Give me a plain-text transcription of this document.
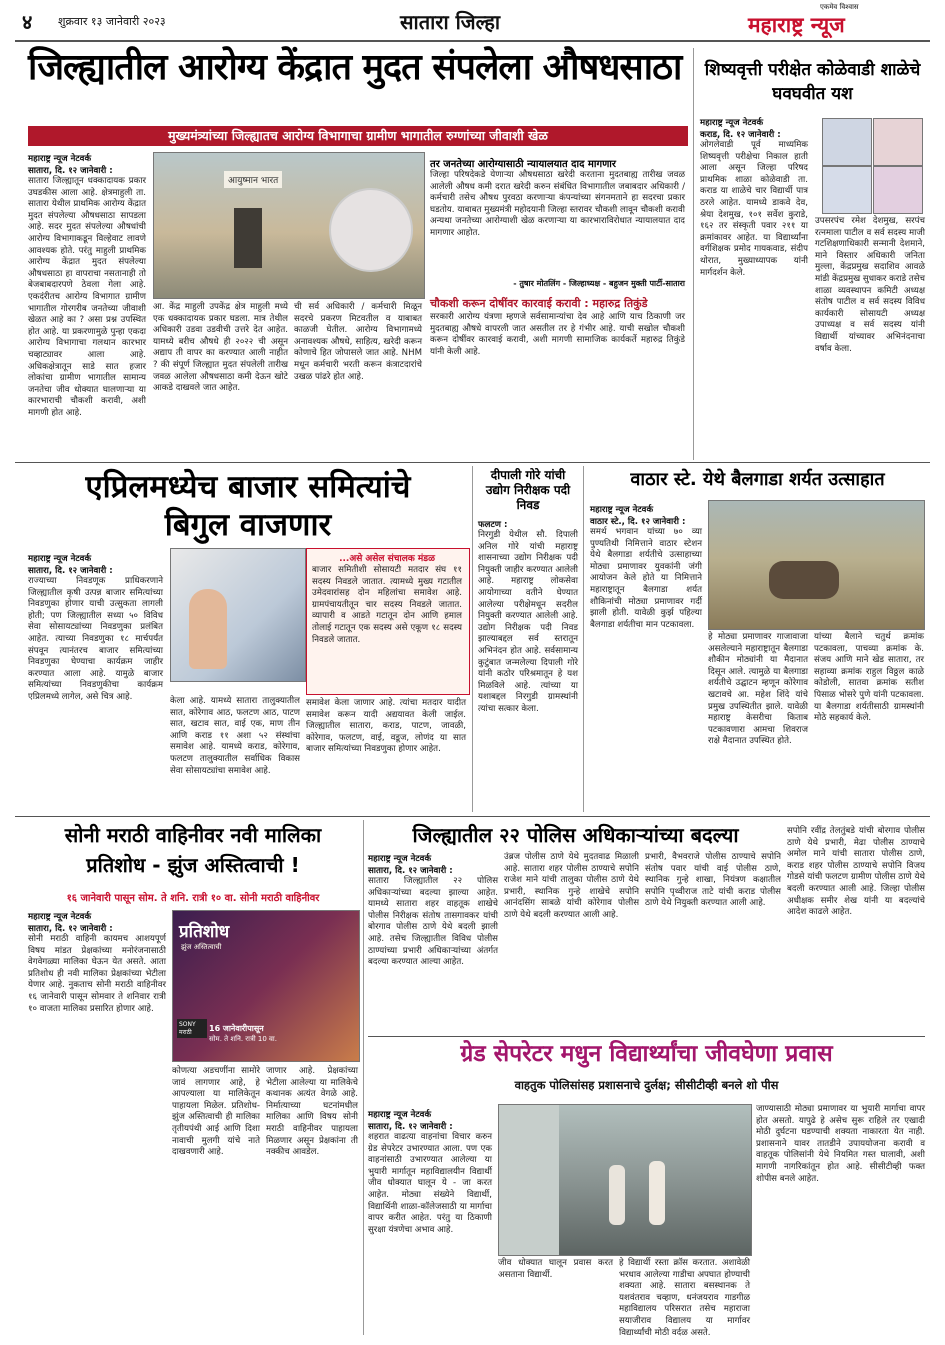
४ शुक्रवार १३ जानेवारी २०२३	सातारा जिल्हा
एकमेव विश्वास
महाराष्ट्र न्यूज
जिल्ह्यातील आरोग्य केंद्रात मुदत संपलेला औषधसाठा
मुख्यमंत्र्यांच्या जिल्ह्यातच आरोग्य विभागाचा ग्रामीण भागातील रुग्णांच्या जीवाशी खेळ
महाराष्ट्र न्यूज नेटवर्क
सातारा, दि. १२ जानेवारी :
सातारा जिल्ह्यातून धक्कादायक प्रकार उघडकीस आला आहे. क्षेत्रमाहुली ता. सातारा येथील प्राथमिक आरोग्य केंद्रात मुदत संपलेल्या औषधसाठा सापडला आहे. सदर मुदत संपलेल्या औषधांची आरोग्य विभागाकडून विल्हेवाट लावणे आवश्यक होते. परंतु माहुली प्राथमिक आरोग्य केंद्रात मुदत संपलेल्या औषधसाठा हा वापराचा नसतानाही तो बेजबाबदारपणे ठेवला गेला आहे. एकदंरीतच आरोग्य विभागात ग्रामीण भागातील गोरगरीब जनतेच्या जीवाशी खेळत आहे का ? असा प्रश्न उपस्थित होत आहे. या प्रकरणामुळे पुन्हा एकदा आरोग्य विभागाचा गलथान कारभार चव्हाट्यावर आला आहे. अधिकक्षेत्रातून साडे सात हजार लोकांचा ग्रामीण भागातील सामान्य जनतेचा जीव धोक्यात घालणाऱ्या या कारभाराची चौकशी करावी, अशी मागणी होत आहे.
आयुष्मान भारत
आ. केंद्र माहुली उपकेंद्र क्षेत्र माहुली मध्ये एक धक्कादायक प्रकार घडला. मात्र तेथील अधिकारी उडवा उडवीची उत्तरे देत आहेत. यामध्ये बरीच औषधे ही २०२२ ची असून अद्याप ती वापर का करण्यात आली नाहीत ? की संपूर्ण जिल्ह्यात मुदत संपलेली तारीख जवळ आलेला औषधसाठा कमी देऊन खोटे आकडे दाखवले जात आहेत.
ची सर्व अधिकारी / कर्मचारी मिळून सदरचे प्रकरण मिटवतील व याबाबत काळजी घेतील. आरोग्य विभागामध्ये अनावश्यक औषधे, साहित्य, खरेदी करून कोणाचे हित जोपासले जात आहे. NHM मधून कर्मचारी भरती करून कंत्राटदारांचे उखळ पांढरे होत आहे.
तर जनतेच्या आरोग्यासाठी न्यायालयात दाद मागणार
जिल्हा परिषदेकडे येणाऱ्या औषधसाठा खरेदी करताना मुदतबाह्य तारीख जवळ आलेली औषध कमी दरात खरेदी करुन संबंधित विभागातील जबाबदार अधिकारी / कर्मचारी तसेच औषध पुरवठा करणाऱ्या कंपन्यांच्या संगनमताने हा सदरचा प्रकार घडतोय. याबाबत मुख्यमंत्री महोदयानी जिल्हा स्तरावर चौकशी लावून चौकशी करावी अन्यथा जनतेच्या आरोग्याशी खेळ करणाऱ्या या कारभाराविरोधात न्यायालयात दाद मागणार आहोत.
- तुषार मोतलिंग - जिल्हाध्यक्ष - बहुजन मुक्ती पार्टी-सातारा
चौकशी करून दोषींवर कारवाई करावी : महारुद्र तिकुंडे
सरकारी आरोग्य यंत्रणा म्हणजे सर्वसामान्यांचा देव आहे आणि याच ठिकाणी जर मुदतबाह्य औषधे वापरली जात असतील तर हे गंभीर आहे. याची सखोल चौकशी करून दोषींवर कारवाई करावी, अशी मागणी सामाजिक कार्यकर्ते महारुद्र तिकुंडे यांनी केली आहे.
शिष्यवृत्ती परीक्षेत कोळेवाडी शाळेचे घवघवीत यश
महाराष्ट्र न्यूज नेटवर्क
कराड, दि. १२ जानेवारी :
ओगलेवाडी पूर्व माध्यमिक शिष्यवृत्ती परीक्षेचा निकाल हाती आला असून जिल्हा परिषद प्राथमिक शाळा कोळेवाडी ता. कराड या शाळेचे चार विद्यार्थी पात्र ठरले आहेत. यामध्ये डाकवे देव, श्रेया देशमुख, १०१ सर्वेश कुराडे, १६२ तर संस्कृती पवार २११ या क्रमांकावर आहेत. या विद्यार्थ्यांना वर्गशिक्षक प्रमोद गायकवाड, संदीप थोरात, मुख्याध्यापक यांनी मार्गदर्शन केले.
उपसरपंच रमेश देशमुख, सरपंच रत्नमाला पाटील व सर्व सदस्य माजी गटशिक्षणाधिकारी सन्मानी देशमाने, माने विस्तार अधिकारी जनिता मुल्ला, केंद्रप्रमुख सदाशिव आवळे मांडी केंद्रप्रमुख सुधाकर कराडे तसेच शाळा व्यवस्थापन कमिटी अध्यक्ष संतोष पाटील व सर्व सदस्य विविध कार्यकारी सोसायटी अध्यक्ष उपाध्यक्ष व सर्व सदस्य यांनी विद्यार्थी यांच्यावर अभिनंदनाचा वर्षाव केला.
एप्रिलमध्येच बाजार समित्यांचे
बिगुल वाजणार
महाराष्ट्र न्यूज नेटवर्क
सातारा, दि. १२ जानेवारी :
राज्याच्या निवडणूक प्राधिकरणाने जिल्ह्यातील कृषी उत्पन्न बाजार समित्यांच्या निवडणुका होणार याची उत्सुकता लागली होती; पण जिल्ह्यातील सध्या ५० विविध सेवा सोसायट्यांच्या निवडणुका प्रलंबित आहेत. त्याच्या निवडणुका १८ मार्चपर्यंत संपवून त्यानंतरच बाजार समित्यांच्या निवडणुका घेण्याचा कार्यक्रम जाहीर करण्यात आला आहे. यामुळे बाजार समित्यांच्या निवडणुकीचा कार्यक्रम एप्रिलमध्ये लागेल, असे चित्र आहे.
...असे असेल संचालक मंडळ
बाजार समितीशी सोसायटी मतदार संघ ११ सदस्य निवडले जातात. त्यामध्ये मुख्य गटातील उमेदवारांसह दोन महिलांचा समावेश आहे. ग्रामपंचायतीतून चार सदस्य निवडले जातात. व्यापारी व आडते गटातून दोन आणि हमाल तोलाई गटातून एक सदस्य असे एकूण १८ सदस्य निवडले जातात.
केला आहे. यामध्ये सातारा तालुक्यातील सात, कोरेगाव आठ, फलटण आठ, पाटण सात, खटाव सात, वाई एक, माण तीन आणि कराड ११ अशा ५२ संस्थांचा समावेश आहे. यामध्ये कराड, कोरेगाव, फलटण तालुक्यातील सर्वाधिक विकास सेवा सोसायट्यांचा समावेश आहे.
समावेश केला जाणार आहे. त्यांचा मतदार यादीत समावेश करून यादी अद्ययावत केली जाईल. जिल्ह्यातील सातारा, कराड, पाटण, जावळी, कोरेगाव, फलटण, वाई, वडूज, लोणंद या सात बाजार समित्यांच्या निवडणुका होणार आहेत.
दीपाली गोरे यांची उद्योग निरीक्षक पदी निवड
फलटण :
निरगुडी येथील सौ. दिपाली अनिल गोरे यांची महाराष्ट्र शासनाच्या उद्योग निरीक्षक पदी नियुक्ती जाहीर करण्यात आलेली आहे. महाराष्ट्र लोकसेवा आयोगाच्या वतीने घेण्यात आलेल्या परीक्षेमधून सदरील नियुक्ती करण्यात आलेली आहे. उद्योग निरीक्षक पदी निवड झाल्याबद्दल सर्व स्तरातून अभिनंदन होत आहे. सर्वसामान्य कुटुंबात जन्मलेल्या दिपाली गोरे यांनी कठोर परिश्रमातून हे यश मिळविले आहे. त्यांच्या या यशाबद्दल निरगुडी ग्रामस्थांनी त्यांचा सत्कार केला.
वाठार स्टे. येथे बैलगाडा शर्यत उत्साहात
महाराष्ट्र न्यूज नेटवर्क
वाठार स्टे., दि. १२ जानेवारी :
समर्थ भगवान यांच्या ७० व्या पुण्यतिथी निमित्ताने वाठार स्टेशन येथे बैलगाडा शर्यतीचे उत्साहाच्या मोठ्या प्रमाणावर युवकांनी जंगी आयोजन केले होते या निमित्ताने महाराष्ट्रातून बैलगाडा शर्यत शौकिनांची मोठ्या प्रमाणावर गर्दी झाली होती. यावेळी कुर्झ पहिल्या बैलगाडा शर्यतीचा मान पटकावला.
हे मोठ्या प्रमाणावर गाजावाजा असलेल्याने महाराष्ट्रातून बैलगाडा शौकीन मोठ्यांनी या मैदानात दिसून आले. त्यामुळे या बैलगाडा शर्यतीचे उद्घाटन म्हणून कोरेगाव खटावचे आ. महेश शिंदे यांचे प्रमुख उपस्थितीत झाले. यावेळी महाराष्ट्र केसरीचा किताब पटकावणारा आमचा शिवराज राक्षे मैदानात उपस्थित होते.
यांच्या बैलाने चतुर्थ क्रमांक पटकावला, पाचव्या क्रमांक के. संजय आणि माने खेड सातारा, तर सहाव्या क्रमांक राहुल विठ्ठल काळे कोडोली, सातवा क्रमांक सतीश पिसाळ भोसरे पुणे यांनी पटकावला. या बैलगाडा शर्यतीसाठी ग्रामस्थांनी मोठे सहकार्य केले.
सोनी मराठी वाहिनीवर नवी मालिका
प्रतिशोध - झुंज अस्तित्वाची !
१६ जानेवारी पासून सोम. ते शनि. रात्री १० वा. सोनी मराठी वाहिनीवर
महाराष्ट्र न्यूज नेटवर्क
सातारा, दि. १२ जानेवारी :
सोनी मराठी वाहिनी कायमच आशयपूर्ण विषय मांडत प्रेक्षकांच्या मनोरंजनासाठी वेगवेगळ्या मालिका घेऊन येत असते. आता प्रतिशोध ही नवी मालिका प्रेक्षकांच्या भेटीला येणार आहे. नुकताच सोनी मराठी वाहिनीवर १६ जानेवारी पासून सोमवार ते शनिवार रात्री १० वाजता मालिका प्रसारित होणार आहे.
प्रतिशोध
झुंज अस्तित्वाची
16 जानेवारीपासून
सोम. ते शनि. रात्री 10 वा.
SONY मराठी
कोणत्या अडचणींना सामोरे जावं लागणार आहे, हे आपल्याला या मालिकेतून पाहायला मिळेल. प्रतिशोध- झुंज अस्तित्वाची ही मालिका तृतीयपंथी आई आणि दिशा नावाची मुलगी यांचे नाते दाखवणारी आहे.
जाणार आहे. प्रेक्षकांच्या भेटीला आलेल्या या मालिकेचे कथानक अत्यंत वेगळे आहे. निर्मात्याच्या घटनांमधील मालिका आणि विषय सोनी मराठी वाहिनीवर पाहायला मिळणार असून प्रेक्षकांना ती नक्कीच आवडेल.
जिल्ह्यातील २२ पोलिस अधिकाऱ्यांच्या बदल्या
महाराष्ट्र न्यूज नेटवर्क
सातारा, दि. १२ जानेवारी :
सातारा जिल्ह्यातील २२ पोलिस अधिकाऱ्यांच्या बदल्या झाल्या आहेत. यामध्ये सातारा शहर वाहतूक शाखेचे पोलीस निरीक्षक संतोष तासगावकर यांची बोरगाव पोलीस ठाणे येथे बदली झाली आहे. तसेच जिल्ह्यातील विविध पोलीस ठाण्यांच्या प्रभारी अधिकाऱ्यांच्या अंतर्गत बदल्या करण्यात आल्या आहेत.
उंब्रज पोलीस ठाणे येथे मुदतवाढ मिळाली आहे. सातारा शहर पोलीस ठाण्याचे सपोनि राजेश माने यांची तालुका पोलीस ठाणे येथे प्रभारी, स्थानिक गुन्हे शाखेचे सपोनि आनंदसिंग साबळे यांची कोरेगाव पोलीस ठाणे येथे बदली करण्यात आली आहे.
प्रभारी, वैभवराजे पोलीस ठाण्याचे सपोनि संतोष पवार यांची वाई पोलीस ठाणे, स्थानिक गुन्हे शाखा, नियंत्रण कक्षातील सपोनि पृथ्वीराज ताटे यांची कराड पोलीस ठाणे येथे नियुक्ती करण्यात आली आहे.
सपोनि रवींद्र तेलतुंबडे यांची बोरगाव पोलीस ठाणे येथे प्रभारी, मेढा पोलीस ठाण्याचे अमोल माने यांची सातारा पोलीस ठाणे, कराड शहर पोलीस ठाण्याचे सपोनि विजय गोडसे यांची फलटण ग्रामीण पोलीस ठाणे येथे बदली करण्यात आली आहे. जिल्हा पोलीस अधीक्षक समीर शेख यांनी या बदल्यांचे आदेश काढले आहेत.
ग्रेड सेपरेटर मधुन विद्यार्थ्यांचा जीवघेणा प्रवास
वाहतुक पोलिसांसह प्रशासनाचे दुर्लक्ष; सीसीटीव्ही बनले शो पीस
महाराष्ट्र न्यूज नेटवर्क
सातारा, दि. १२ जानेवारी :
शहरात वाढत्या वाहनांचा विचार करुन ग्रेड सेपरेटर उभारण्यात आला. पण एक वाहनांसाठी उभारण्यात आलेल्या या भुयारी मार्गातून महाविद्यालयीन विद्यार्थी जीव धोक्यात घालून ये - जा करत आहेत. मोठ्या संख्येने विद्यार्थी, विद्यार्थिनी शाळा-कॉलेजसाठी या मार्गाचा वापर करीत आहेत. परंतु या ठिकाणी सुरक्षा यंत्रणेचा अभाव आहे.
जीव धोक्यात घालून प्रवास करत असताना विद्यार्थी.
हे विद्यार्थी रस्ता क्रॉस करतात. अशावेळी भरधाव आलेल्या गाडीचा अपघात होण्याची शक्यता आहे. सातारा बसस्थानक ते यशवंतराव चव्हाण, धनंजयराव गाडगीळ महाविद्यालय परिसरात तसेच महाराजा सयाजीराव विद्यालय या मार्गावर विद्यार्थ्यांची मोठी वर्दळ असते.
जाण्यासाठी मोठ्या प्रमाणावर या भुयारी मार्गाचा वापर होत असतो. यापुढे हे असेच सुरू राहिले तर एखादी मोठी दुर्घटना घडण्याची शक्यता नाकारता येत नाही. प्रशासनाने यावर तातडीने उपाययोजना करावी व वाहतूक पोलिसांनी येथे नियमित गस्त घालावी, अशी मागणी नागरिकांतून होत आहे. सीसीटीव्ही फक्त शोपीस बनले आहेत.
